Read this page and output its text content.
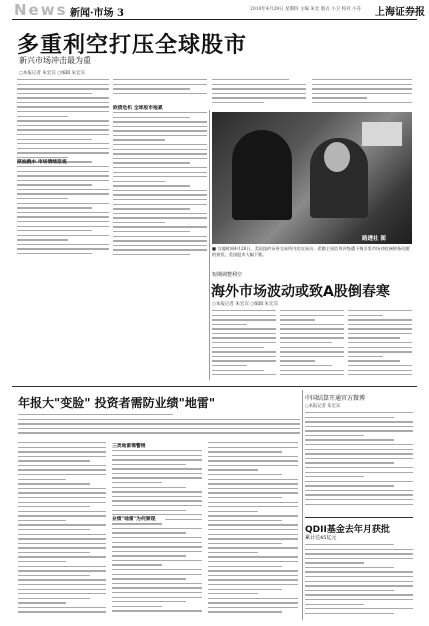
News 新闻·市场 3	2010年4月29日 星期四 主编 朱宏 版式 小卫 校对 小芬 上海证券报
多重利空打压全球股市
新兴市场冲击最为重
○本报记者 朱宏宾 ○编辑 朱宏宾
原油跳水 市场情绪悲观
欧债危机 全球股市拖累
路透社 图
■ 当地时间4月28日，美国纽约证券交易所内的交易员。希腊主权信用评级遭下调引发市场对欧洲债务问题的担忧，美国股市大幅下跌。
短期调整利空
海外市场波动或致A股倒春寒
○本报记者 朱宏宾 ○编辑 朱宏宾
年报大"变脸" 投资者需防业绩"地雷"
三类地雷需警惕
业绩"地雷"为何频现
中国结算开通官方微博
○本报记者 朱宏宾
QDII基金去年月获批
累计达45亿元
